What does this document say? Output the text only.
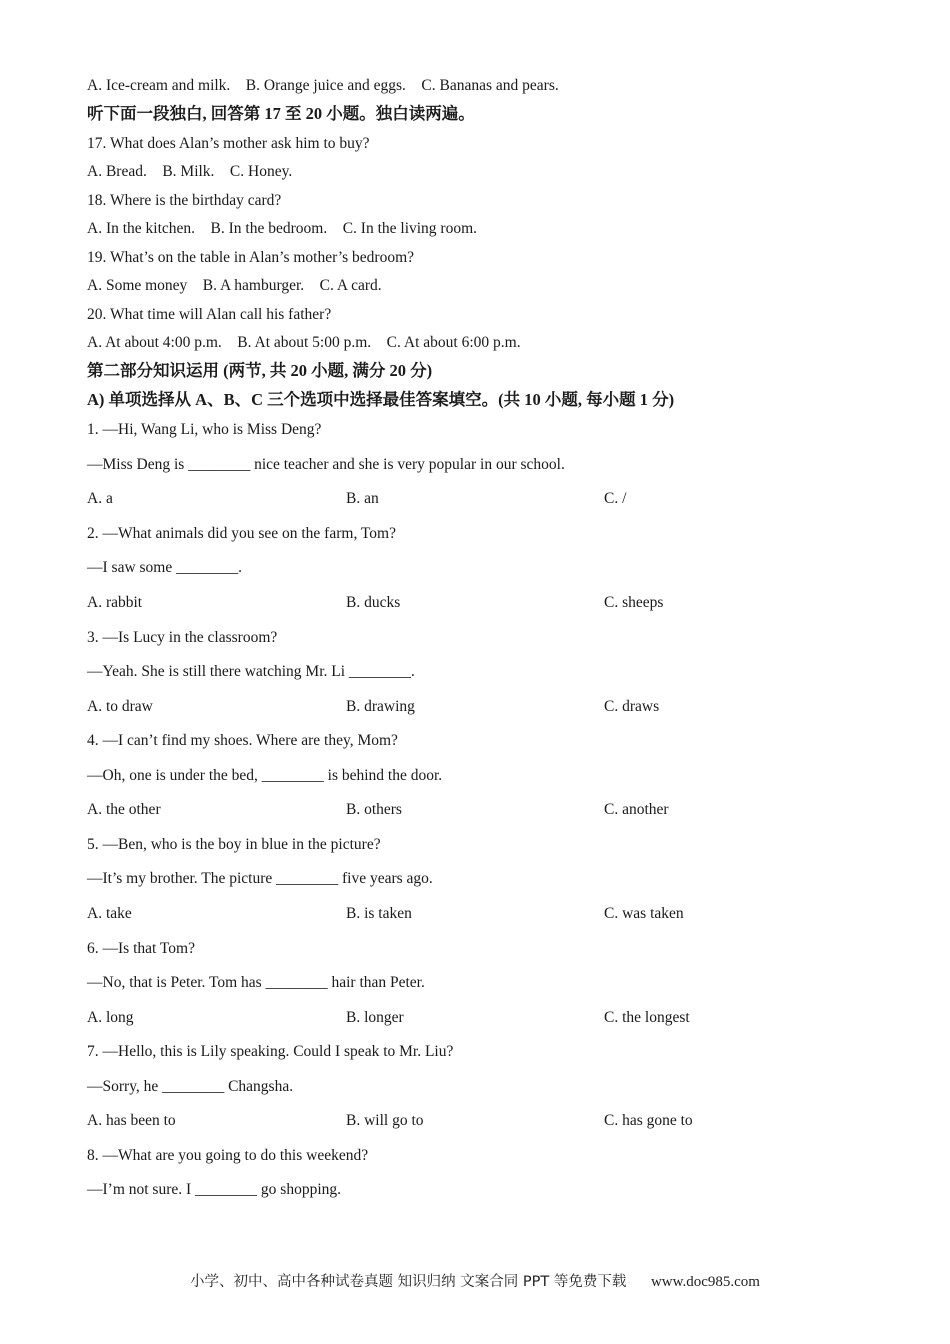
A. Ice-cream and milk.    B. Orange juice and eggs.    C. Bananas and pears.
听下面一段独白, 回答第 17 至 20 小题。独白读两遍。
17. What does Alan’s mother ask him to buy?
A. Bread.    B. Milk.    C. Honey.
18. Where is the birthday card?
A. In the kitchen.    B. In the bedroom.    C. In the living room.
19. What’s on the table in Alan’s mother’s bedroom?
A. Some money    B. A hamburger.    C. A card.
20. What time will Alan call his father?
A. At about 4:00 p.m.    B. At about 5:00 p.m.    C. At about 6:00 p.m.
第二部分知识运用 (两节, 共 20 小题, 满分 20 分)
A) 单项选择从 A、B、C 三个选项中选择最佳答案填空。(共 10 小题, 每小题 1 分)
1. —Hi, Wang Li, who is Miss Deng?
—Miss Deng is ________ nice teacher and she is very popular in our school.
A. a	B. an	C. /
2. —What animals did you see on the farm, Tom?
—I saw some ________.
A. rabbit	B. ducks	C. sheeps
3. —Is Lucy in the classroom?
—Yeah. She is still there watching Mr. Li ________.
A. to draw	B. drawing	C. draws
4. —I can’t find my shoes. Where are they, Mom?
—Oh, one is under the bed, ________ is behind the door.
A. the other	B. others	C. another
5. —Ben, who is the boy in blue in the picture?
—It’s my brother. The picture ________ five years ago.
A. take	B. is taken	C. was taken
6. —Is that Tom?
—No, that is Peter. Tom has ________ hair than Peter.
A. long	B. longer	C. the longest
7. —Hello, this is Lily speaking. Could I speak to Mr. Liu?
—Sorry, he ________ Changsha.
A. has been to	B. will go to	C. has gone to
8. —What are you going to do this weekend?
—I’m not sure. I ________ go shopping.
小学、初中、高中各种试卷真题 知识归纳 文案合同 PPT 等免费下载 www.doc985.com
